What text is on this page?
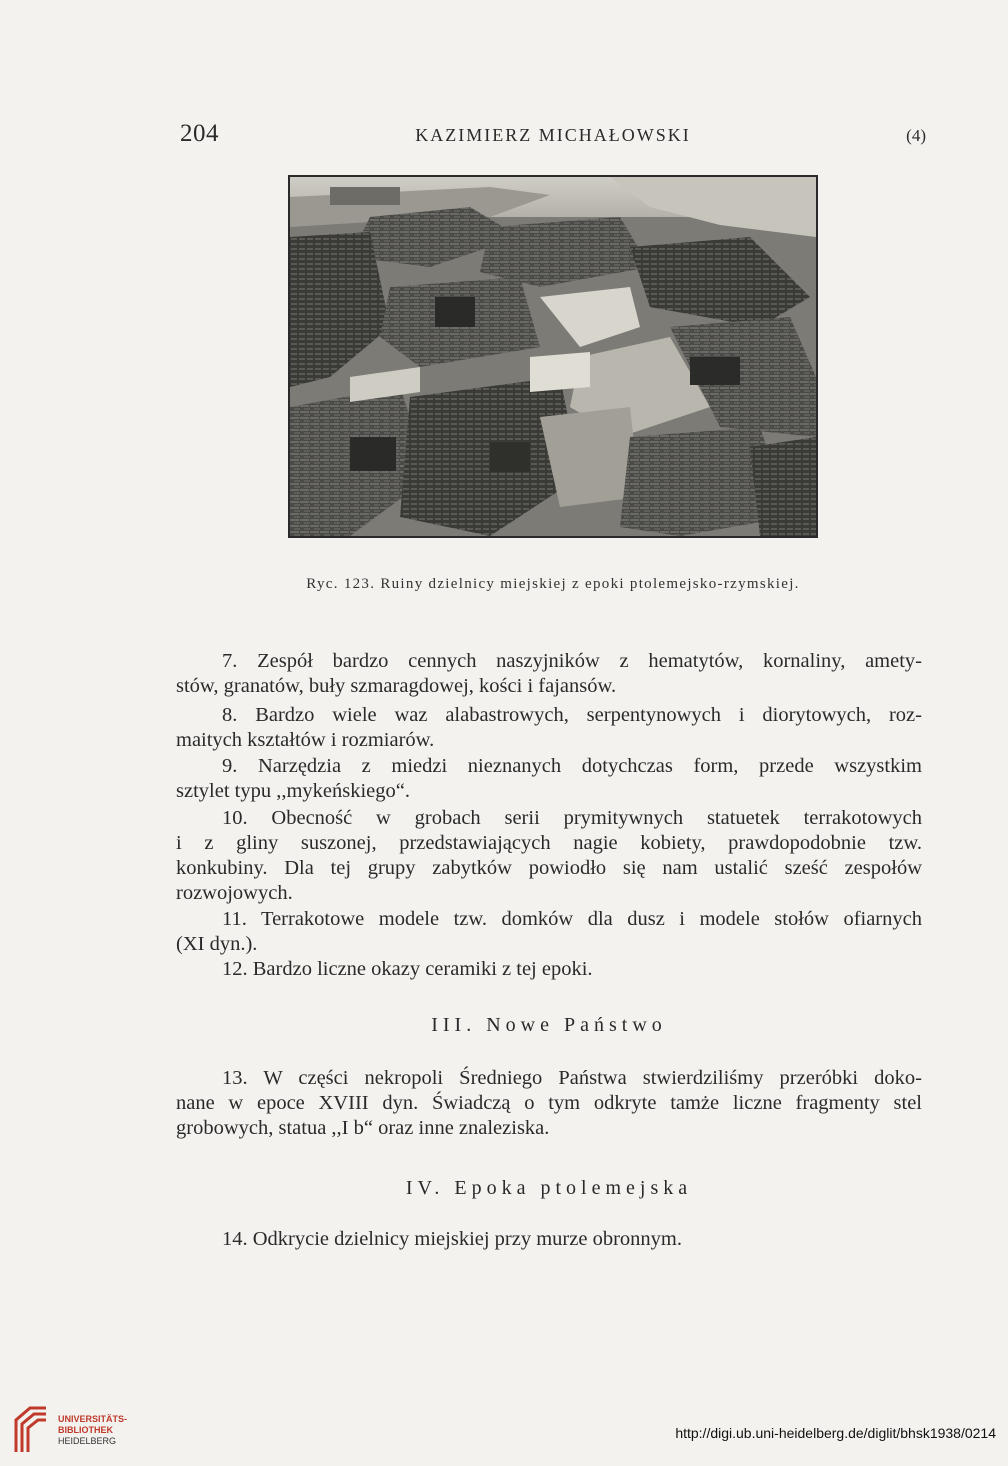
204	KAZIMIERZ MICHAŁOWSKI	(4)
Ryc. 123. Ruiny dzielnicy miejskiej z epoki ptolemejsko-rzymskiej.
7. Zespół bardzo cennych naszyjników z hematytów, kornaliny, amety-
stów, granatów, buły szmaragdowej, kości i fajansów.
8. Bardzo wiele waz alabastrowych, serpentynowych i diorytowych, roz-
maitych kształtów i rozmiarów.
9. Narzędzia z miedzi nieznanych dotychczas form, przede wszystkim
sztylet typu ,,mykeńskiego“.
10. Obecność w grobach serii prymitywnych statuetek terrakotowych
i z gliny suszonej, przedstawiających nagie kobiety, prawdopodobnie tzw.
konkubiny. Dla tej grupy zabytków powiodło się nam ustalić sześć zespołów
rozwojowych.
11. Terrakotowe modele tzw. domków dla dusz i modele stołów ofiarnych
(XI dyn.).
12. Bardzo liczne okazy ceramiki z tej epoki.
III. Nowe Państwo
13. W części nekropoli Średniego Państwa stwierdziliśmy przeróbki doko-
nane w epoce XVIII dyn. Świadczą o tym odkryte tamże liczne fragmenty stel
grobowych, statua ,,I b“ oraz inne znaleziska.
IV. Epoka ptolemejska
14. Odkrycie dzielnicy miejskiej przy murze obronnym.
UNIVERSITÄTS-
BIBLIOTHEK
HEIDELBERG	http://digi.ub.uni-heidelberg.de/diglit/bhsk1938/0214
